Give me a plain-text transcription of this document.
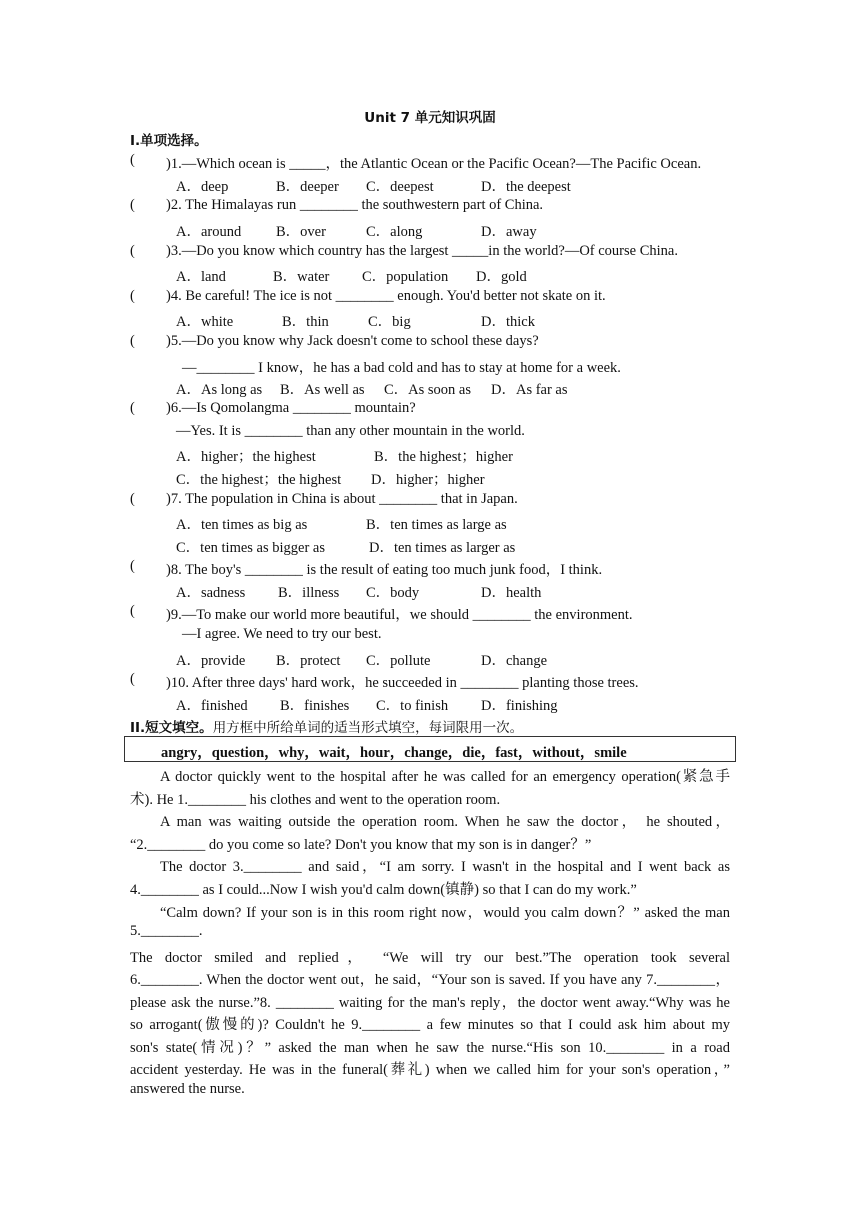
Unit 7 单元知识巩固
I.单项选择。
( )1.—Which ocean is _____，the Atlantic Ocean or the Pacific Ocean?—The Pacific Ocean.
A．deep	B．deeper C．deepest	D．the deepest
( )2. The Himalayas run ________ the southwestern part of China.
A．around B．over	C．along	D．away
( )3.—Do you know which country has the largest _____in the world?—Of course China.
A．land	B．water C．population D．gold
( )4. Be careful! The ice is not ________ enough. You'd better not skate on it.
A．white	B．thin	C．big	D．thick
( )5.—Do you know why Jack doesn't come to school these days?
—________ I know，he has a bad cold and has to stay at home for a week.
A．As long as B．As well as C．As soon as D．As far as
( )6.—Is Qomolangma ________ mountain?
—Yes. It is ________ than any other mountain in the world.
A．higher；the highest	B．the highest；higher
C．the highest；the highest D．higher；higher
( )7. The population in China is about ________ that in Japan.
A．ten times as big as	B．ten times as large as
C．ten times as bigger as	D．ten times as larger as
( )8. The boy's ________ is the result of eating too much junk food，I think.
A．sadness B．illness C．body	D．health
( )9.—To make our world more beautiful，we should ________ the environment.
—I agree. We need to try our best.
A．provide B．protect C．pollute	D．change
( )10. After three days' hard work，he succeeded in ________ planting those trees.
A．finished B．finishes C．to finish D．finishing
II.短文填空。用方框中所给单词的适当形式填空，每词限用一次。
angry，question，why，wait，hour，change，die，fast，without，smile
A doctor quickly went to the hospital after he was called for an emergency operation(紧急手
术). He 1.________ his clothes and went to the operation room.
A man was waiting outside the operation room. When he saw the doctor， he shouted，
“2.________ do you come so late? Don't you know that my son is in danger？”
The doctor 3.________ and said，“I am sorry. I wasn't in the hospital and I went back as
4.________ as I could...Now I wish you'd calm down(镇静) so that I can do my work.”
“Calm down? If your son is in this room right now，would you calm down？” asked the man
5.________.
The doctor smiled and replied， “We will try our best.”The operation took several
6.________. When the doctor went out，he said，“Your son is saved. If you have any 7.________，
please ask the nurse.”8. ________ waiting for the man's reply，the doctor went away.“Why was he
so arrogant(傲慢的)? Couldn't he 9.________ a few minutes so that I could ask him about my
son's state(情况)？” asked the man when he saw the nurse.“His son 10.________ in a road
accident yesterday. He was in the funeral(葬礼) when we called him for your son's operation，”
answered the nurse.
